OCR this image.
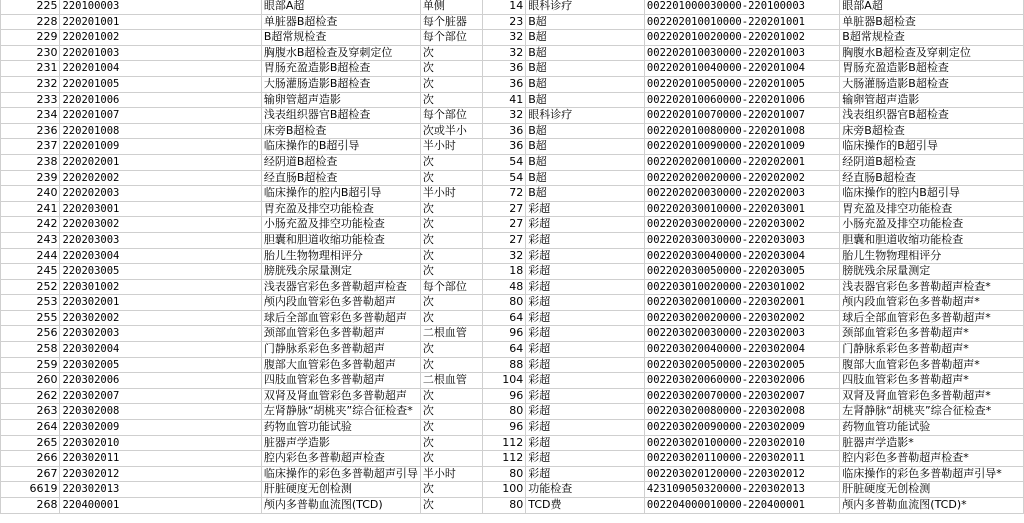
225	220100003	眼部A超	单侧	14	眼科诊疗	002201000030000-220100003	眼部A超
228	220201001	单脏器B超检查	每个脏器	23	B超	002202010010000-220201001	单脏器B超检查
229	220201002	B超常规检查	每个部位	32	B超	002202010020000-220201002	B超常规检查
230	220201003	胸腹水B超检查及穿刺定位	次	32	B超	002202010030000-220201003	胸腹水B超检查及穿刺定位
231	220201004	胃肠充盈造影B超检查	次	36	B超	002202010040000-220201004	胃肠充盈造影B超检查
232	220201005	大肠灌肠造影B超检查	次	36	B超	002202010050000-220201005	大肠灌肠造影B超检查
233	220201006	输卵管超声造影	次	41	B超	002202010060000-220201006	输卵管超声造影
234	220201007	浅表组织器官B超检查	每个部位	32	眼科诊疗	002202010070000-220201007	浅表组织器官B超检查
236	220201008	床旁B超检查	次或半小	36	B超	002202010080000-220201008	床旁B超检查
237	220201009	临床操作的B超引导	半小时	36	B超	002202010090000-220201009	临床操作的B超引导
238	220202001	经阴道B超检查	次	54	B超	002202020010000-220202001	经阴道B超检查
239	220202002	经直肠B超检查	次	54	B超	002202020020000-220202002	经直肠B超检查
240	220202003	临床操作的腔内B超引导	半小时	72	B超	002202020030000-220202003	临床操作的腔内B超引导
241	220203001	胃充盈及排空功能检查	次	27	彩超	002202030010000-220203001	胃充盈及排空功能检查
242	220203002	小肠充盈及排空功能检查	次	27	彩超	002202030020000-220203002	小肠充盈及排空功能检查
243	220203003	胆囊和胆道收缩功能检查	次	27	彩超	002202030030000-220203003	胆囊和胆道收缩功能检查
244	220203004	胎儿生物物理相评分	次	32	彩超	002202030040000-220203004	胎儿生物物理相评分
245	220203005	膀胱残余尿量测定	次	18	彩超	002202030050000-220203005	膀胱残余尿量测定
252	220301002	浅表器官彩色多普勒超声检查	每个部位	48	彩超	002203010020000-220301002	浅表器官彩色多普勒超声检查*
253	220302001	颅内段血管彩色多普勒超声	次	80	彩超	002203020010000-220302001	颅内段血管彩色多普勒超声*
255	220302002	球后全部血管彩色多普勒超声	次	64	彩超	002203020020000-220302002	球后全部血管彩色多普勒超声*
256	220302003	颈部血管彩色多普勒超声	二根血管	96	彩超	002203020030000-220302003	颈部血管彩色多普勒超声*
258	220302004	门静脉系彩色多普勒超声	次	64	彩超	002203020040000-220302004	门静脉系彩色多普勒超声*
259	220302005	腹部大血管彩色多普勒超声	次	88	彩超	002203020050000-220302005	腹部大血管彩色多普勒超声*
260	220302006	四肢血管彩色多普勒超声	二根血管	104	彩超	002203020060000-220302006	四肢血管彩色多普勒超声*
262	220302007	双肾及肾血管彩色多普勒超声	次	96	彩超	002203020070000-220302007	双肾及肾血管彩色多普勒超声*
263	220302008	左肾静脉“胡桃夹”综合征检查*	次	80	彩超	002203020080000-220302008	左肾静脉“胡桃夹”综合征检查*
264	220302009	药物血管功能试验	次	96	彩超	002203020090000-220302009	药物血管功能试验
265	220302010	脏器声学造影	次	112	彩超	002203020100000-220302010	脏器声学造影*
266	220302011	腔内彩色多普勒超声检查	次	112	彩超	002203020110000-220302011	腔内彩色多普勒超声检查*
267	220302012	临床操作的彩色多普勒超声引导	半小时	80	彩超	002203020120000-220302012	临床操作的彩色多普勒超声引导*
6619	220302013	肝脏硬度无创检测	次	100	功能检查	423109050320000-220302013	肝脏硬度无创检测
268	220400001	颅内多普勒血流图(TCD)	次	80	TCD费	002204000010000-220400001	颅内多普勒血流图(TCD)*
